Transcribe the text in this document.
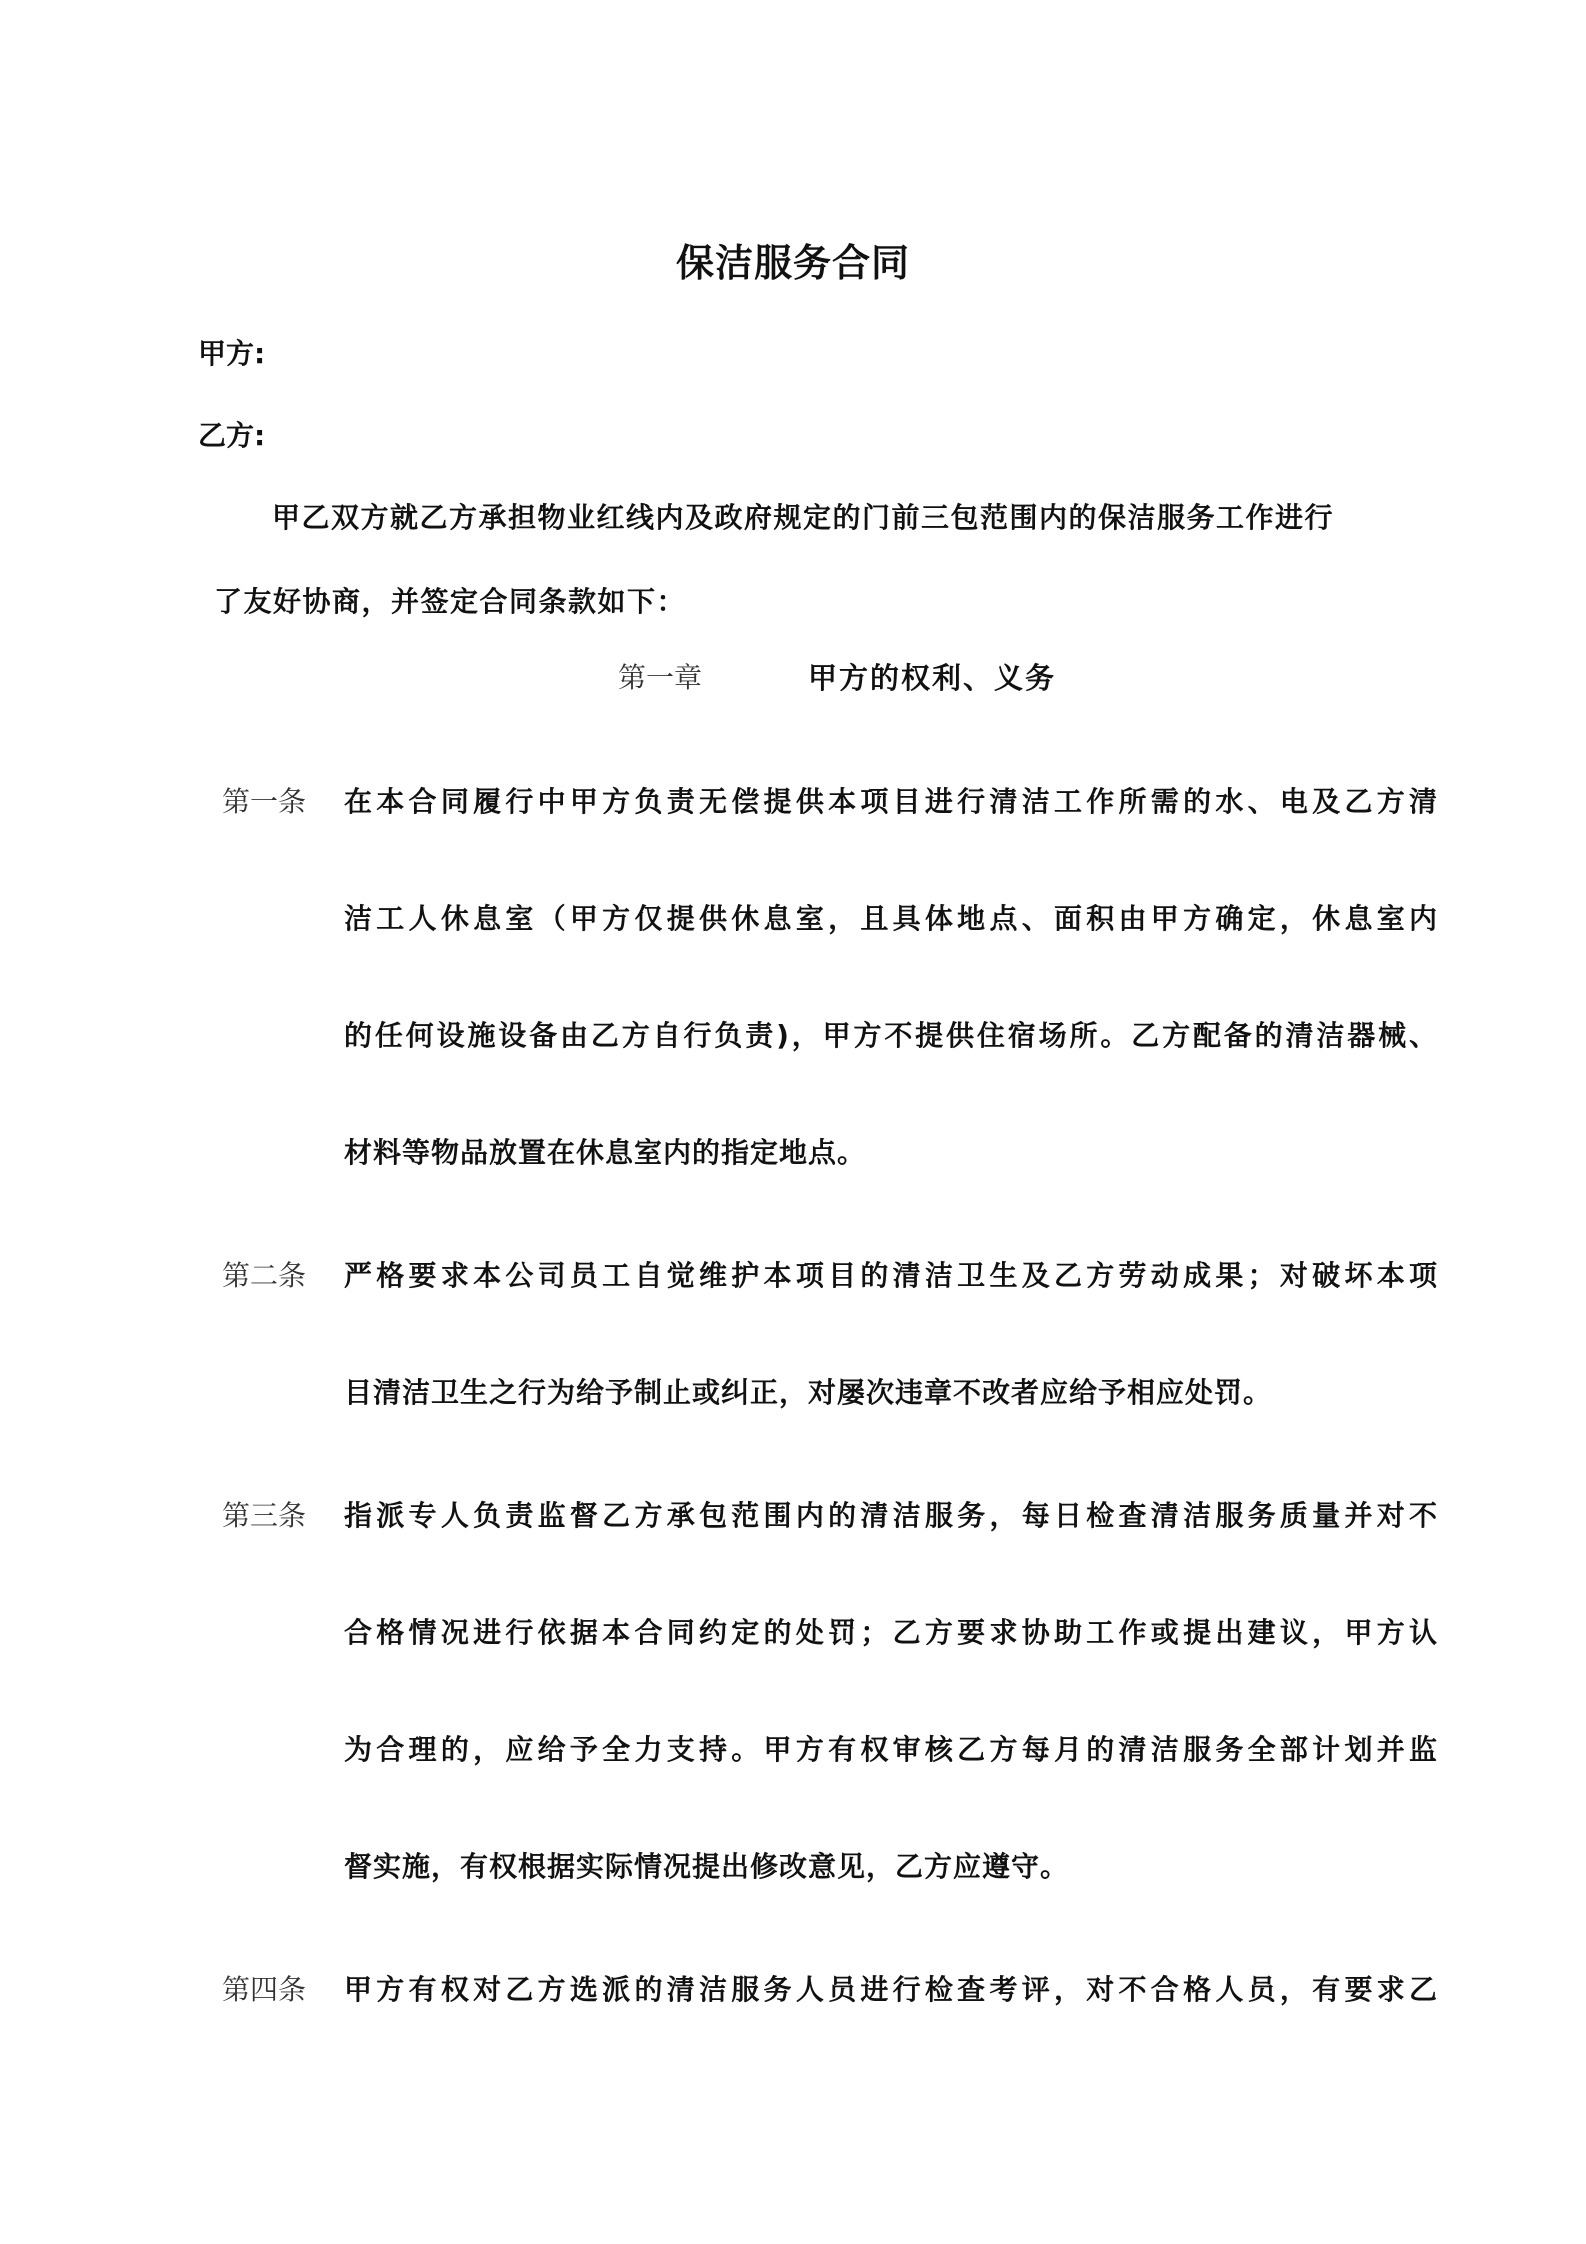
保洁服务合同
甲方:
乙方:
甲乙双方就乙方承担物业红线内及政府规定的门前三包范围内的保洁服务工作进行
了友好协商，并签定合同条款如下：
第一章	甲方的权利、义务
第一条 在本合同履行中甲方负责无偿提供本项目进行清洁工作所需的水、电及乙方清
洁工人休息室（甲方仅提供休息室，且具体地点、面积由甲方确定，休息室内
的任何设施设备由乙方自行负责)，甲方不提供住宿场所。乙方配备的清洁器械、
材料等物品放置在休息室内的指定地点。
第二条 严格要求本公司员工自觉维护本项目的清洁卫生及乙方劳动成果；对破坏本项
目清洁卫生之行为给予制止或纠正，对屡次违章不改者应给予相应处罚。
第三条 指派专人负责监督乙方承包范围内的清洁服务，每日检查清洁服务质量并对不
合格情况进行依据本合同约定的处罚；乙方要求协助工作或提出建议，甲方认
为合理的，应给予全力支持。甲方有权审核乙方每月的清洁服务全部计划并监
督实施，有权根据实际情况提出修改意见，乙方应遵守。
第四条 甲方有权对乙方选派的清洁服务人员进行检查考评，对不合格人员，有要求乙
